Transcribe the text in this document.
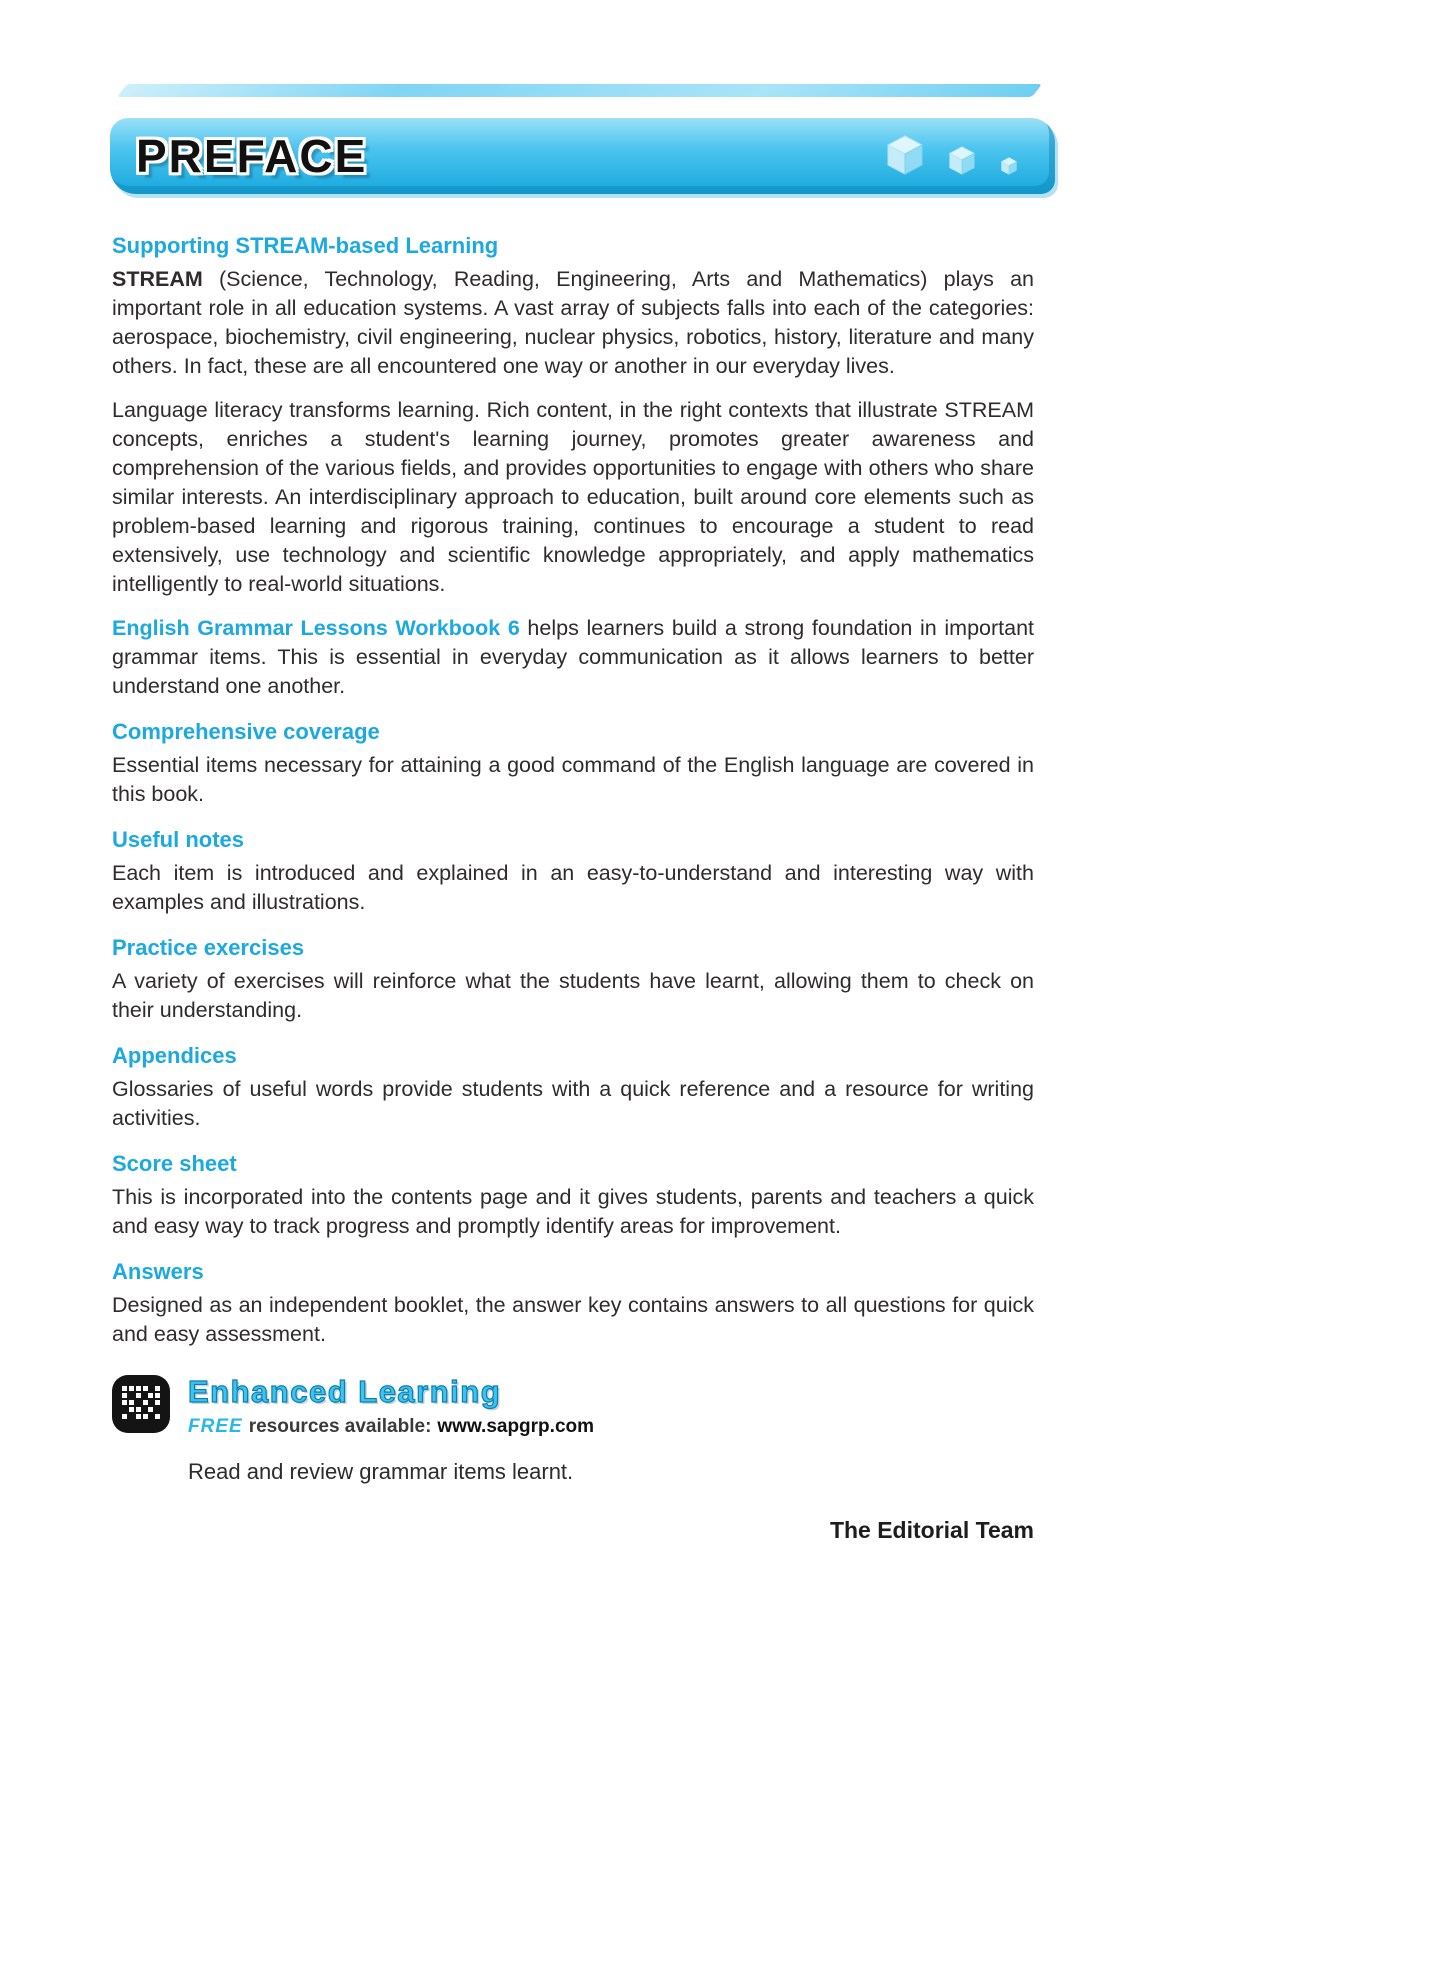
PREFACE
Supporting STREAM-based Learning

STREAM (Science, Technology, Reading, Engineering, Arts and Mathematics) plays an important role in all education systems. A vast array of subjects falls into each of the categories: aerospace, biochemistry, civil engineering, nuclear physics, robotics, history, literature and many others. In fact, these are all encountered one way or another in our everyday lives.

Language literacy transforms learning. Rich content, in the right contexts that illustrate STREAM concepts, enriches a student's learning journey, promotes greater awareness and comprehension of the various fields, and provides opportunities to engage with others who share similar interests. An interdisciplinary approach to education, built around core elements such as problem-based learning and rigorous training, continues to encourage a student to read extensively, use technology and scientific knowledge appropriately, and apply mathematics intelligently to real-world situations.

English Grammar Lessons Workbook 6 helps learners build a strong foundation in important grammar items. This is essential in everyday communication as it allows learners to better understand one another.

Comprehensive coverage

Essential items necessary for attaining a good command of the English language are covered in this book.

Useful notes

Each item is introduced and explained in an easy-to-understand and interesting way with examples and illustrations.

Practice exercises

A variety of exercises will reinforce what the students have learnt, allowing them to check on their understanding.

Appendices

Glossaries of useful words provide students with a quick reference and a resource for writing activities.

Score sheet

This is incorporated into the contents page and it gives students, parents and teachers a quick and easy way to track progress and promptly identify areas for improvement.

Answers

Designed as an independent booklet, the answer key contains answers to all questions for quick and easy assessment.

Enhanced Learning
FREE resources available: www.sapgrp.com

Read and review grammar items learnt.

The Editorial Team
